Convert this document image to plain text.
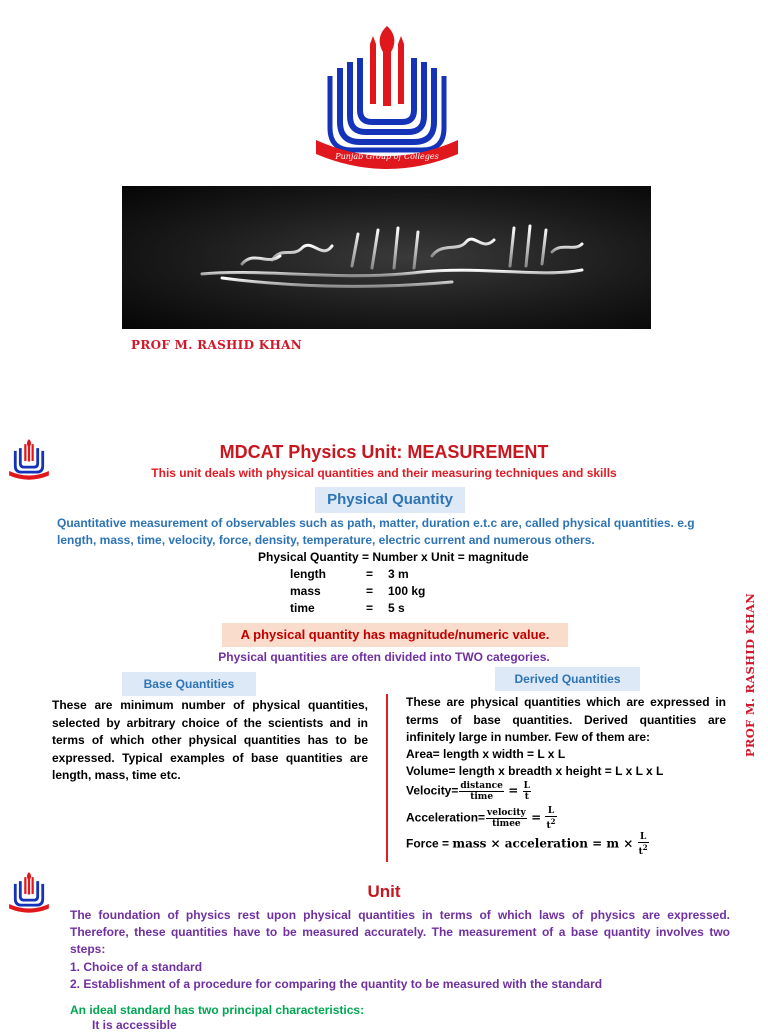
Punjab Group of Colleges
PROF M. RASHID KHAN
PROF M. RASHID KHAN
MDCAT Physics Unit: MEASUREMENT
This unit deals with physical quantities and their measuring techniques and skills
Physical Quantity
Quantitative measurement of observables such as path, matter, duration e.t.c are, called physical quantities. e.g length, mass, time, velocity, force, density, temperature, electric current and numerous others.
Physical Quantity = Number x Unit = magnitude
length	= 3 m
mass	= 100 kg
time	= 5 s
A physical quantity has magnitude/numeric value.
Physical quantities are often divided into TWO categories.
Base Quantities	Derived Quantities
These are minimum number of physical quantities, selected by arbitrary choice of the scientists and in terms of which other physical quantities has to be expressed. Typical examples of base quantities are length, mass, time etc.
These are physical quantities which are expressed in terms of base quantities. Derived quantities are infinitely large in number. Few of them are:
Area= length x width = L x L
Volume= length x breadth x height = L x L x L
Velocity= $\frac{\text{distance}}{\text{time}} = \frac{L}{t}$
Acceleration= $\frac{\text{velocity}}{\text{timee}} = \frac{L}{t^2}$
Force = mass × acceleration = $m \times \frac{L}{t^2}$
Unit
The foundation of physics rest upon physical quantities in terms of which laws of physics are expressed. Therefore, these quantities have to be measured accurately. The measurement of a base quantity involves two steps:
1. Choice of a standard
2. Establishment of a procedure for comparing the quantity to be measured with the standard
An ideal standard has two principal characteristics:
It is accessible
